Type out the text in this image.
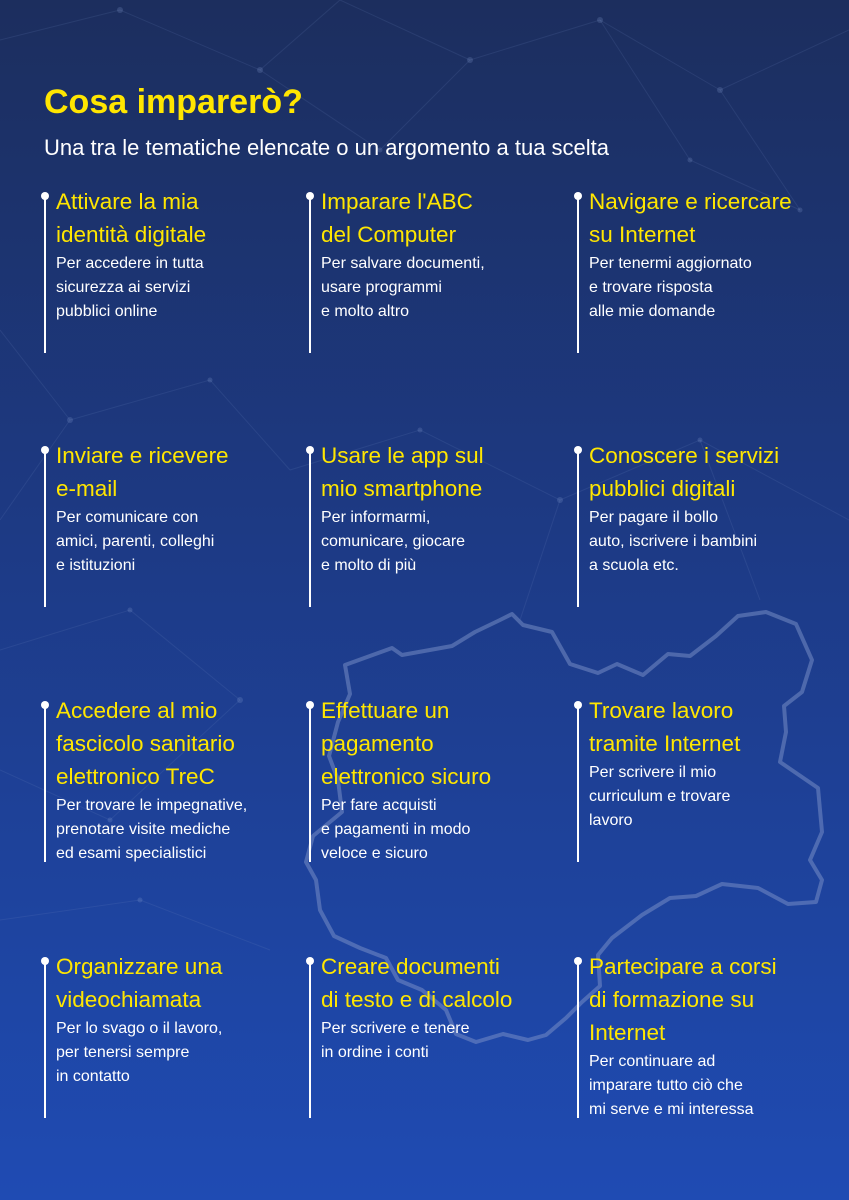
Cosa imparerò?

Una tra le tematiche elencate o un argomento a tua scelta

Attivare la mia
identità digitale
Per accedere in tutta
sicurezza ai servizi
pubblici online
Imparare l'ABC
del Computer
Per salvare documenti,
usare programmi
e molto altro
Navigare e ricercare
su Internet
Per tenermi aggiornato
e trovare risposta
alle mie domande
Inviare e ricevere
e-mail
Per comunicare con
amici, parenti, colleghi
e istituzioni
Usare le app sul
mio smartphone
Per informarmi,
comunicare, giocare
e molto di più
Conoscere i servizi
pubblici digitali
Per pagare il bollo
auto, iscrivere i bambini
a scuola etc.
Accedere al mio
fascicolo sanitario
elettronico TreC
Per trovare le impegnative,
prenotare visite mediche
ed esami specialistici
Effettuare un
pagamento
elettronico sicuro
Per fare acquisti
e pagamenti in modo
veloce e sicuro
Trovare lavoro
tramite Internet
Per scrivere il mio
curriculum e trovare
lavoro
Organizzare una
videochiamata
Per lo svago o il lavoro,
per tenersi sempre
in contatto
Creare documenti
di testo e di calcolo
Per scrivere e tenere
in ordine i conti
Partecipare a corsi
di formazione su
Internet
Per continuare ad
imparare tutto ciò che
mi serve e mi interessa
